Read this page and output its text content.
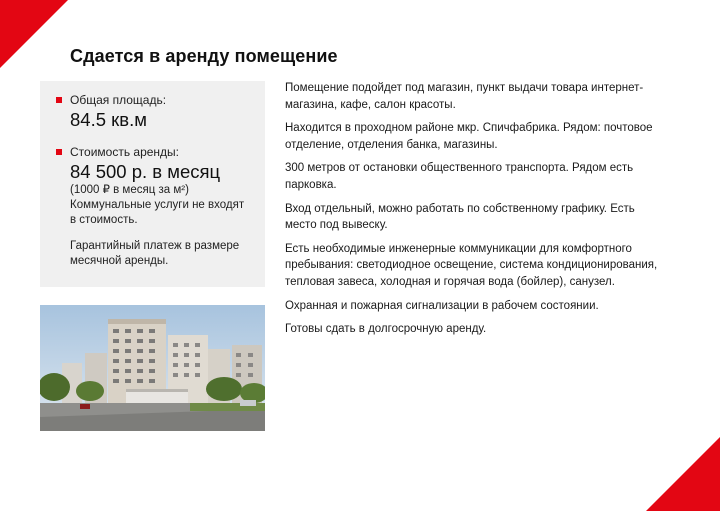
Сдается в аренду помещение
Общая площадь:
84.5 кв.м
Стоимость аренды:
84 500 р. в месяц
(1000 ₽ в месяц за м²)
Коммунальные услуги не входят в стоимость.
Гарантийный платеж в размере месячной аренды.

Помещение подойдет под магазин, пункт выдачи товара интернет-магазина, кафе, салон красоты.

Находится в проходном районе мкр. Спичфабрика. Рядом: почтовое отделение, отделения банка, магазины.

300 метров от остановки общественного транспорта. Рядом есть парковка.

Вход отдельный, можно работать по собственному графику. Есть место под вывеску.

Есть необходимые инженерные коммуникации для комфортного пребывания: светодиодное освещение, система кондиционирования, тепловая завеса, холодная и горячая вода (бойлер), санузел.

Охранная и пожарная сигнализации в рабочем состоянии.

Готовы сдать в долгосрочную аренду.
